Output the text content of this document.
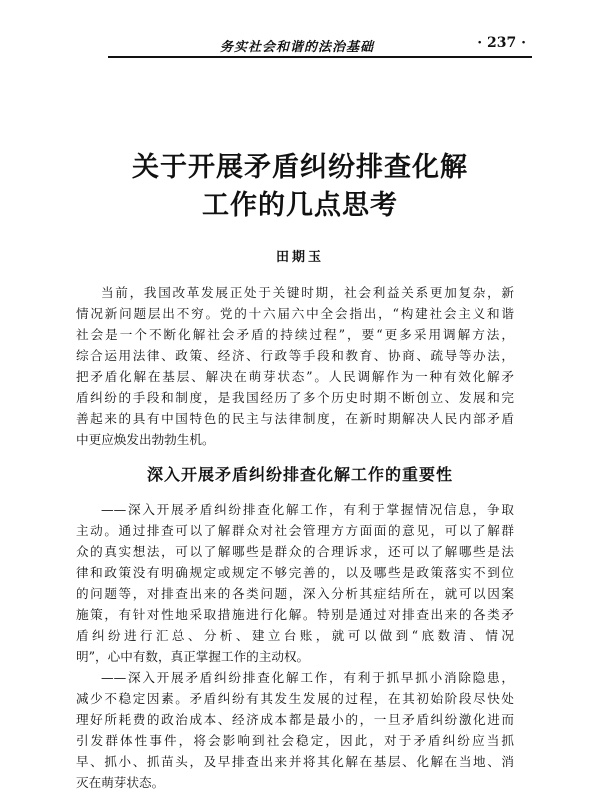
务实社会和谐的法治基础	· 237 ·
关于开展矛盾纠纷排查化解
工作的几点思考
田期玉
当前，我国改革发展正处于关键时期，社会利益关系更加复杂，新
情况新问题层出不穷。党的十六届六中全会指出，“构建社会主义和谐
社会是一个不断化解社会矛盾的持续过程”，要“更多采用调解方法，
综合运用法律、政策、经济、行政等手段和教育、协商、疏导等办法，
把矛盾化解在基层、解决在萌芽状态”。人民调解作为一种有效化解矛
盾纠纷的手段和制度，是我国经历了多个历史时期不断创立、发展和完
善起来的具有中国特色的民主与法律制度，在新时期解决人民内部矛盾
中更应焕发出勃勃生机。
深入开展矛盾纠纷排查化解工作的重要性
——深入开展矛盾纠纷排查化解工作，有利于掌握情况信息，争取
主动。通过排查可以了解群众对社会管理方方面面的意见，可以了解群
众的真实想法，可以了解哪些是群众的合理诉求，还可以了解哪些是法
律和政策没有明确规定或规定不够完善的，以及哪些是政策落实不到位
的问题等，对排查出来的各类问题，深入分析其症结所在，就可以因案
施策，有针对性地采取措施进行化解。特别是通过对排查出来的各类矛
盾纠纷进行汇总、分析、建立台账，就可以做到“底数清、情况
明”，心中有数，真正掌握工作的主动权。
——深入开展矛盾纠纷排查化解工作，有利于抓早抓小消除隐患，
减少不稳定因素。矛盾纠纷有其发生发展的过程，在其初始阶段尽快处
理好所耗费的政治成本、经济成本都是最小的，一旦矛盾纠纷激化进而
引发群体性事件，将会影响到社会稳定，因此，对于矛盾纠纷应当抓
早、抓小、抓苗头，及早排查出来并将其化解在基层、化解在当地、消
灭在萌芽状态。
